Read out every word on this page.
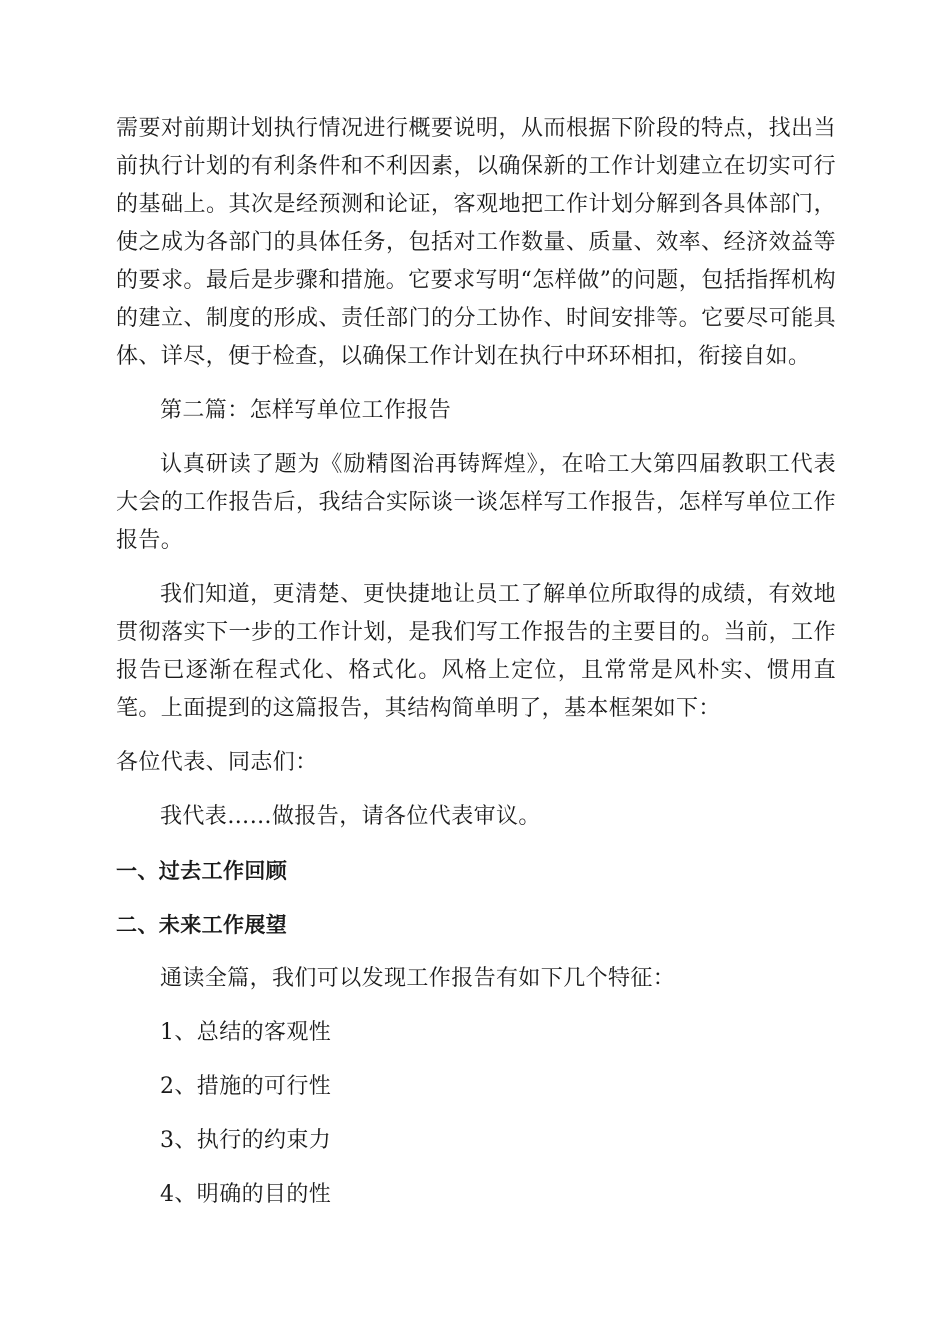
需要对前期计划执行情况进行概要说明，从而根据下阶段的特点，找出当前执行计划的有利条件和不利因素，以确保新的工作计划建立在切实可行的基础上。其次是经预测和论证，客观地把工作计划分解到各具体部门，使之成为各部门的具体任务，包括对工作数量、质量、效率、经济效益等的要求。最后是步骤和措施。它要求写明“怎样做”的问题，包括指挥机构的建立、制度的形成、责任部门的分工协作、时间安排等。它要尽可能具体、详尽，便于检查，以确保工作计划在执行中环环相扣，衔接自如。

第二篇：怎样写单位工作报告

认真研读了题为《励精图治再铸辉煌》，在哈工大第四届教职工代表大会的工作报告后，我结合实际谈一谈怎样写工作报告，怎样写单位工作报告。

我们知道，更清楚、更快捷地让员工了解单位所取得的成绩，有效地贯彻落实下一步的工作计划，是我们写工作报告的主要目的。当前，工作报告已逐渐在程式化、格式化。风格上定位，且常常是风朴实、惯用直笔。上面提到的这篇报告，其结构简单明了，基本框架如下：

各位代表、同志们：

我代表……做报告，请各位代表审议。

一、过去工作回顾

二、未来工作展望

通读全篇，我们可以发现工作报告有如下几个特征：

1、总结的客观性

2、措施的可行性

3、执行的约束力

4、明确的目的性
